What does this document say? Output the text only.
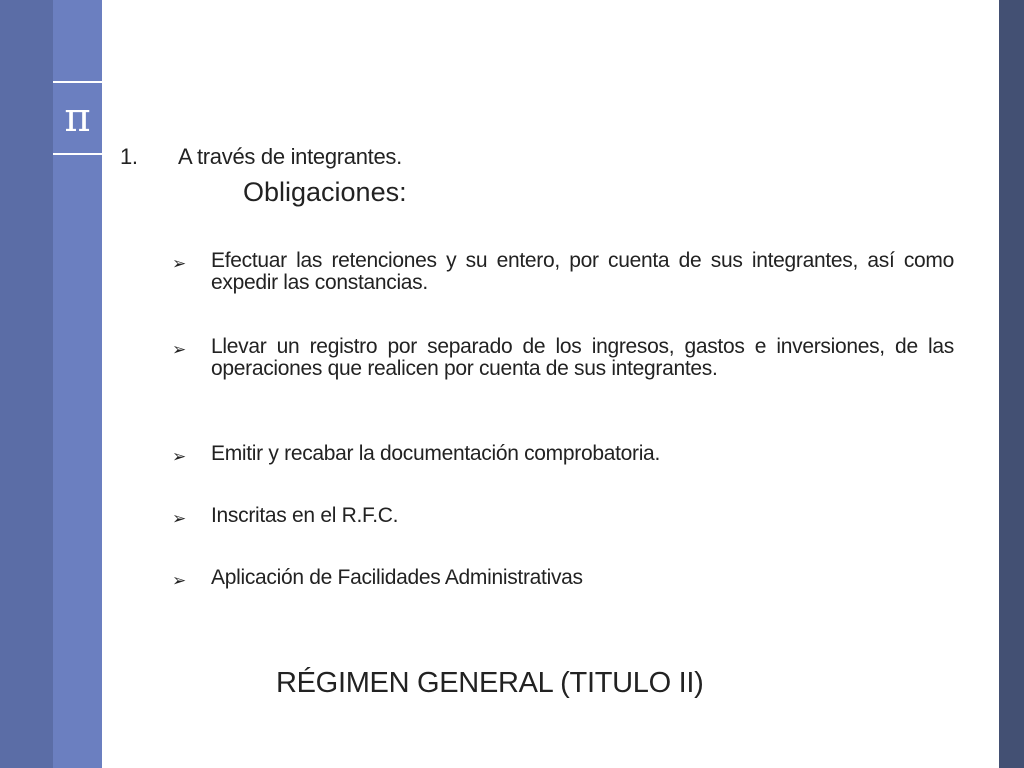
π
1. A través de integrantes.
Obligaciones:
➢ Efectuar las retenciones y su entero, por cuenta de sus integrantes, así como expedir las constancias.
➢ Llevar un registro por separado de los ingresos, gastos e inversiones, de las operaciones que realicen por cuenta de sus integrantes.
➢ Emitir y recabar la documentación comprobatoria.
➢ Inscritas en el R.F.C.
➢ Aplicación de Facilidades Administrativas
RÉGIMEN GENERAL (TITULO II)
